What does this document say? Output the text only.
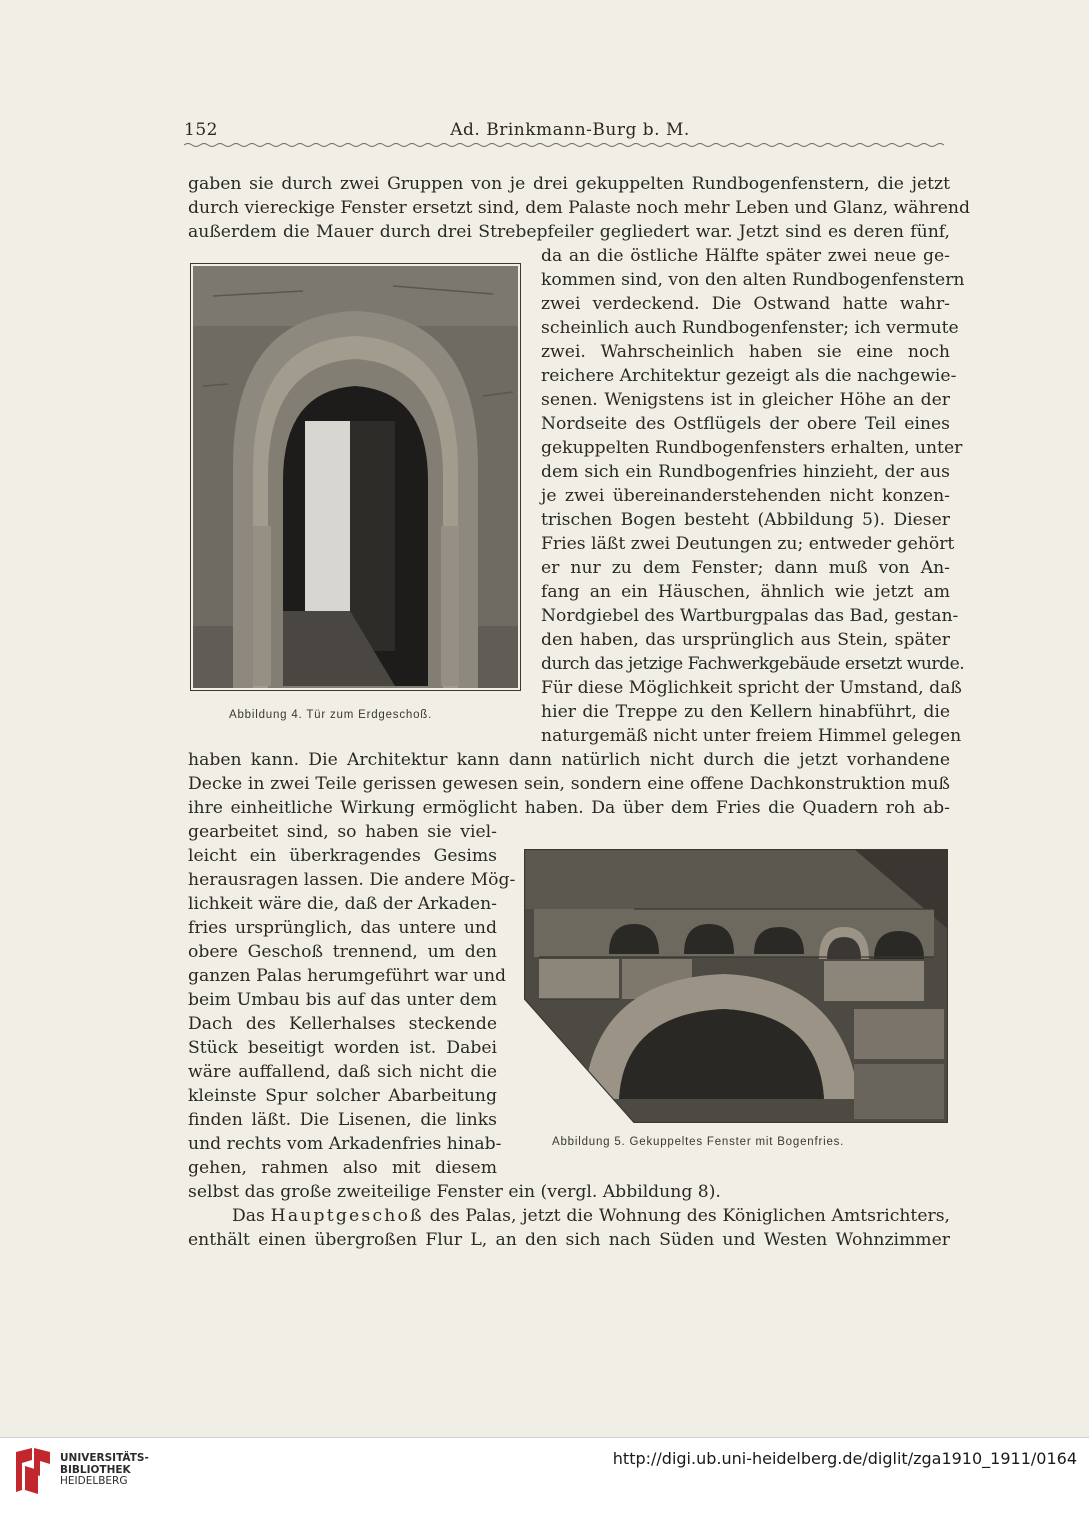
152	Ad. Brinkmann-Burg b. M.
Abbildung 4. Tür zum Erdgeschoß.
Abbildung 5. Gekuppeltes Fenster mit Bogenfries.
gaben sie durch zwei Gruppen von je drei gekuppelten Rundbogenfenstern, die jetzt
durch viereckige Fenster ersetzt sind, dem Palaste noch mehr Leben und Glanz, während
außerdem die Mauer durch drei Strebepfeiler gegliedert war. Jetzt sind es deren fünf,
da an die östliche Hälfte später zwei neue ge-
kommen sind, von den alten Rundbogenfenstern
zwei verdeckend. Die Ostwand hatte wahr-
scheinlich auch Rundbogenfenster; ich vermute
zwei. Wahrscheinlich haben sie eine noch
reichere Architektur gezeigt als die nachgewie-
senen. Wenigstens ist in gleicher Höhe an der
Nordseite des Ostflügels der obere Teil eines
gekuppelten Rundbogenfensters erhalten, unter
dem sich ein Rundbogenfries hinzieht, der aus
je zwei übereinanderstehenden nicht konzen-
trischen Bogen besteht (Abbildung 5). Dieser
Fries läßt zwei Deutungen zu; entweder gehört
er nur zu dem Fenster; dann muß von An-
fang an ein Häuschen, ähnlich wie jetzt am
Nordgiebel des Wartburgpalas das Bad, gestan-
den haben, das ursprünglich aus Stein, später
durch das jetzige Fachwerkgebäude ersetzt wurde.
Für diese Möglichkeit spricht der Umstand, daß
hier die Treppe zu den Kellern hinabführt, die
naturgemäß nicht unter freiem Himmel gelegen
haben kann. Die Architektur kann dann natürlich nicht durch die jetzt vorhandene
Decke in zwei Teile gerissen gewesen sein, sondern eine offene Dachkonstruktion muß
ihre einheitliche Wirkung ermöglicht haben. Da über dem Fries die Quadern roh ab-
gearbeitet sind, so haben sie viel-
leicht ein überkragendes Gesims
herausragen lassen. Die andere Mög-
lichkeit wäre die, daß der Arkaden-
fries ursprünglich, das untere und
obere Geschoß trennend, um den
ganzen Palas herumgeführt war und
beim Umbau bis auf das unter dem
Dach des Kellerhalses steckende
Stück beseitigt worden ist. Dabei
wäre auffallend, daß sich nicht die
kleinste Spur solcher Abarbeitung
finden läßt. Die Lisenen, die links
und rechts vom Arkadenfries hinab-
gehen, rahmen also mit diesem
selbst das große zweiteilige Fenster ein (vergl. Abbildung 8).
Das Hauptgeschoß des Palas, jetzt die Wohnung des Königlichen Amtsrichters,
enthält einen übergroßen Flur L, an den sich nach Süden und Westen Wohnzimmer
UNIVERSITÄTS-
BIBLIOTHEK
HEIDELBERG
http://digi.ub.uni-heidelberg.de/diglit/zga1910_1911/0164
